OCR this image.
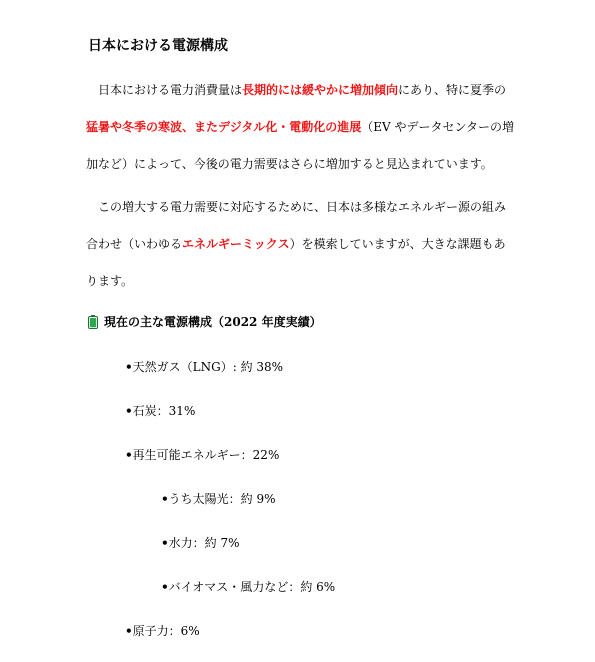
日本における電源構成

日本における電力消費量は長期的には緩やかに増加傾向にあり、特に夏季の猛暑や冬季の寒波、またデジタル化・電動化の進展（EV やデータセンターの増加など）によって、今後の電力需要はさらに増加すると見込まれています。

この増大する電力需要に対応するために、日本は多様なエネルギー源の組み合わせ（いわゆるエネルギーミックス）を模索していますが、大きな課題もあります。

現在の主な電源構成（2022 年度実績）
•天然ガス（LNG）: 約 38%
•石炭：31%
•再生可能エネルギー：22%
•うち太陽光：約 9%
•水力：約 7%
•バイオマス・風力など：約 6%
•原子力：6%
